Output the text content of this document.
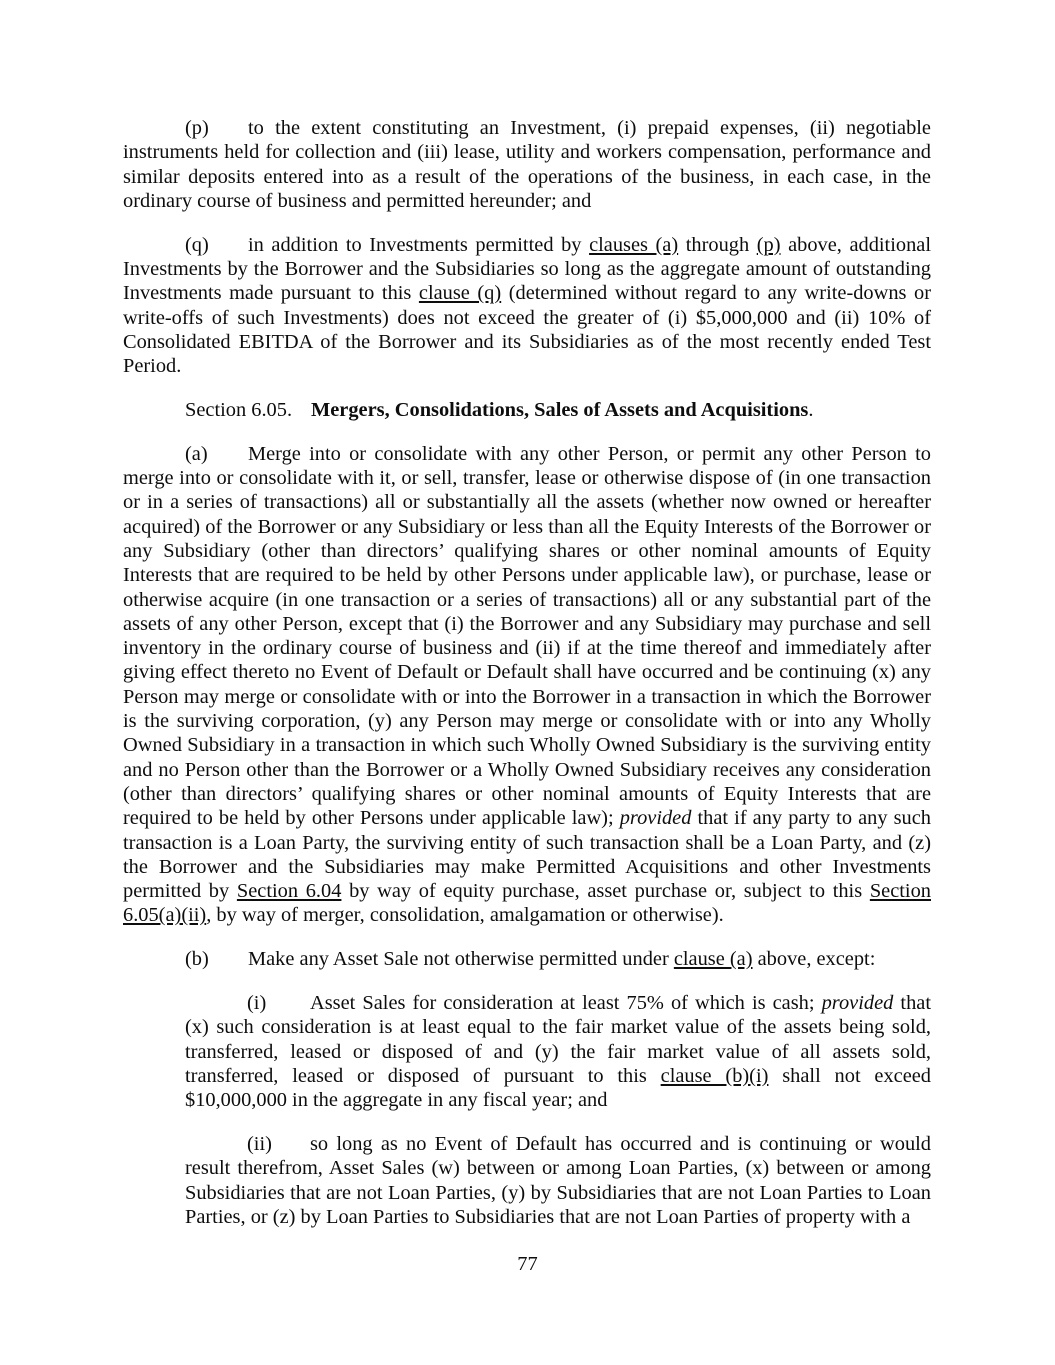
(p) to the extent constituting an Investment, (i) prepaid expenses, (ii) negotiable instruments held for collection and (iii) lease, utility and workers compensation, performance and similar deposits entered into as a result of the operations of the business, in each case, in the ordinary course of business and permitted hereunder; and

(q) in addition to Investments permitted by clauses (a) through (p) above, additional Investments by the Borrower and the Subsidiaries so long as the aggregate amount of outstanding Investments made pursuant to this clause (q) (determined without regard to any write-downs or write-offs of such Investments) does not exceed the greater of (i) $5,000,000 and (ii) 10% of Consolidated EBITDA of the Borrower and its Subsidiaries as of the most recently ended Test Period.

Section 6.05. Mergers, Consolidations, Sales of Assets and Acquisitions.

(a) Merge into or consolidate with any other Person, or permit any other Person to merge into or consolidate with it, or sell, transfer, lease or otherwise dispose of (in one transaction or in a series of transactions) all or substantially all the assets (whether now owned or hereafter acquired) of the Borrower or any Subsidiary or less than all the Equity Interests of the Borrower or any Subsidiary (other than directors’ qualifying shares or other nominal amounts of Equity Interests that are required to be held by other Persons under applicable law), or purchase, lease or otherwise acquire (in one transaction or a series of transactions) all or any substantial part of the assets of any other Person, except that (i) the Borrower and any Subsidiary may purchase and sell inventory in the ordinary course of business and (ii) if at the time thereof and immediately after giving effect thereto no Event of Default or Default shall have occurred and be continuing (x) any Person may merge or consolidate with or into the Borrower in a transaction in which the Borrower is the surviving corporation, (y) any Person may merge or consolidate with or into any Wholly Owned Subsidiary in a transaction in which such Wholly Owned Subsidiary is the surviving entity and no Person other than the Borrower or a Wholly Owned Subsidiary receives any consideration (other than directors’ qualifying shares or other nominal amounts of Equity Interests that are required to be held by other Persons under applicable law); provided that if any party to any such transaction is a Loan Party, the surviving entity of such transaction shall be a Loan Party, and (z) the Borrower and the Subsidiaries may make Permitted Acquisitions and other Investments permitted by Section 6.04 by way of equity purchase, asset purchase or, subject to this Section 6.05(a)(ii), by way of merger, consolidation, amalgamation or otherwise).

(b) Make any Asset Sale not otherwise permitted under clause (a) above, except:

(i) Asset Sales for consideration at least 75% of which is cash; provided that (x) such consideration is at least equal to the fair market value of the assets being sold, transferred, leased or disposed of and (y) the fair market value of all assets sold, transferred, leased or disposed of pursuant to this clause (b)(i) shall not exceed $10,000,000 in the aggregate in any fiscal year; and

(ii) so long as no Event of Default has occurred and is continuing or would result therefrom, Asset Sales (w) between or among Loan Parties, (x) between or among Subsidiaries that are not Loan Parties, (y) by Subsidiaries that are not Loan Parties to Loan Parties, or (z) by Loan Parties to Subsidiaries that are not Loan Parties of property with a

77
